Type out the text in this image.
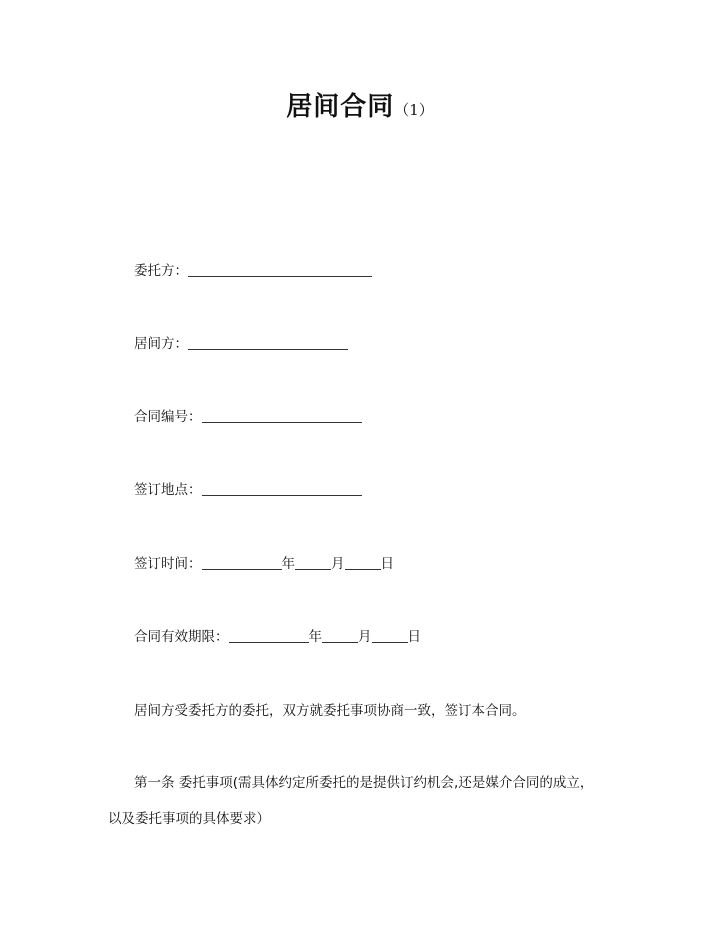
居间合同（1）
委托方：
居间方：
合同编号：
签订地点：
签订时间：	年	月	日
合同有效期限：	年	月	日
居间方受委托方的委托，双方就委托事项协商一致，签订本合同。
第一条 委托事项(需具体约定所委托的是提供订约机会,还是媒介合同的成立，
以及委托事项的具体要求）
